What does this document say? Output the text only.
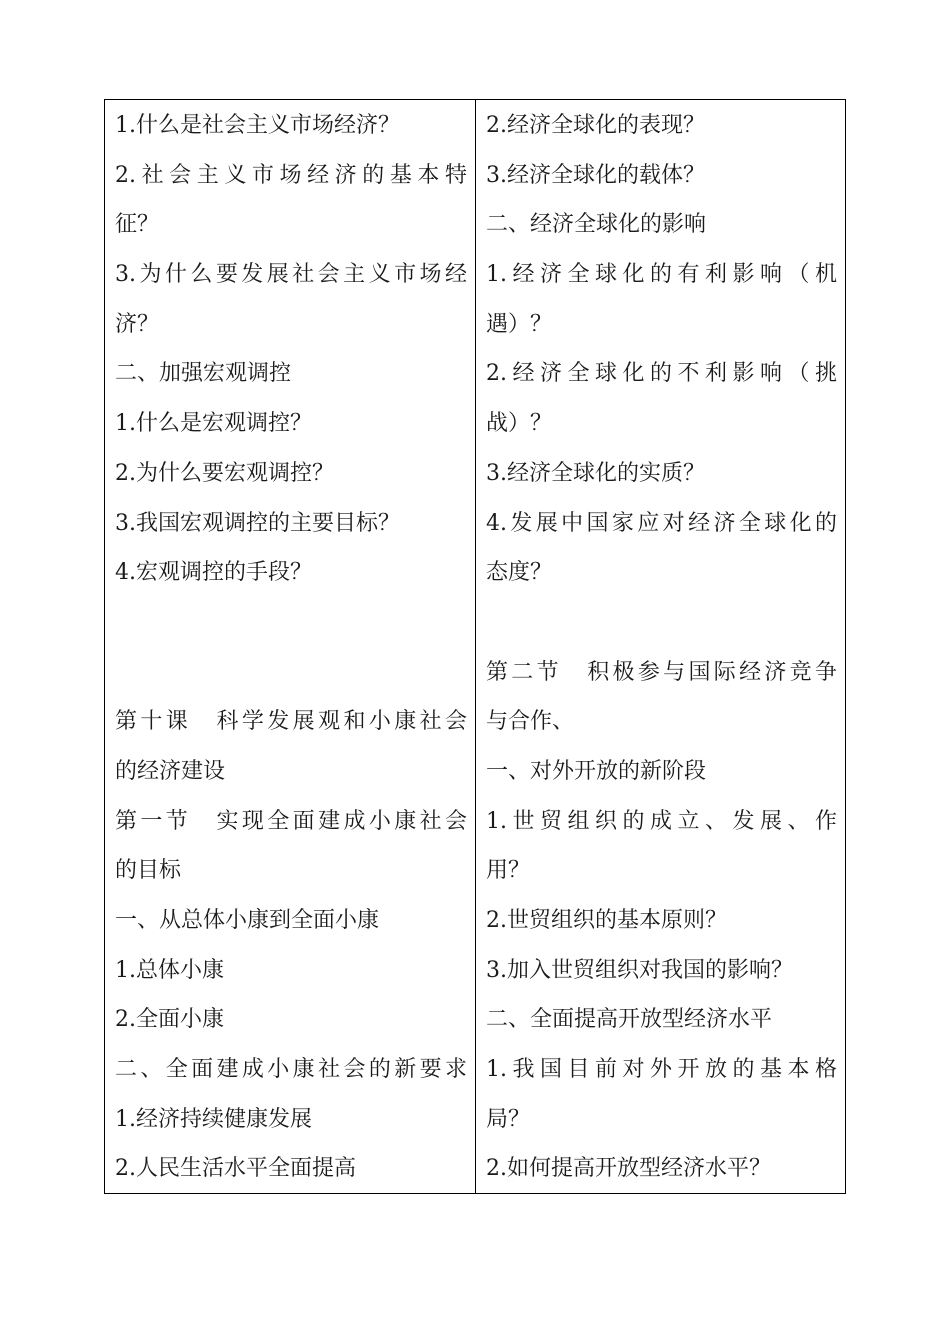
1.什么是社会主义市场经济？
2.社会主义市场经济的基本特
征？
3.为什么要发展社会主义市场经
济？
二、加强宏观调控
1.什么是宏观调控？
2.为什么要宏观调控？
3.我国宏观调控的主要目标？
4.宏观调控的手段？
第十课　科学发展观和小康社会
的经济建设
第一节　实现全面建成小康社会
的目标
一、从总体小康到全面小康
1.总体小康
2.全面小康
二、全面建成小康社会的新要求
1.经济持续健康发展
2.人民生活水平全面提高
2.经济全球化的表现？
3.经济全球化的载体？
二、经济全球化的影响
1.经济全球化的有利影响（机
遇）？
2.经济全球化的不利影响（挑
战）？
3.经济全球化的实质？
4.发展中国家应对经济全球化的
态度？
第二节　积极参与国际经济竞争
与合作、
一、对外开放的新阶段
1.世贸组织的成立、发展、作
用？
2.世贸组织的基本原则？
3.加入世贸组织对我国的影响？
二、全面提高开放型经济水平
1.我国目前对外开放的基本格
局？
2.如何提高开放型经济水平？
